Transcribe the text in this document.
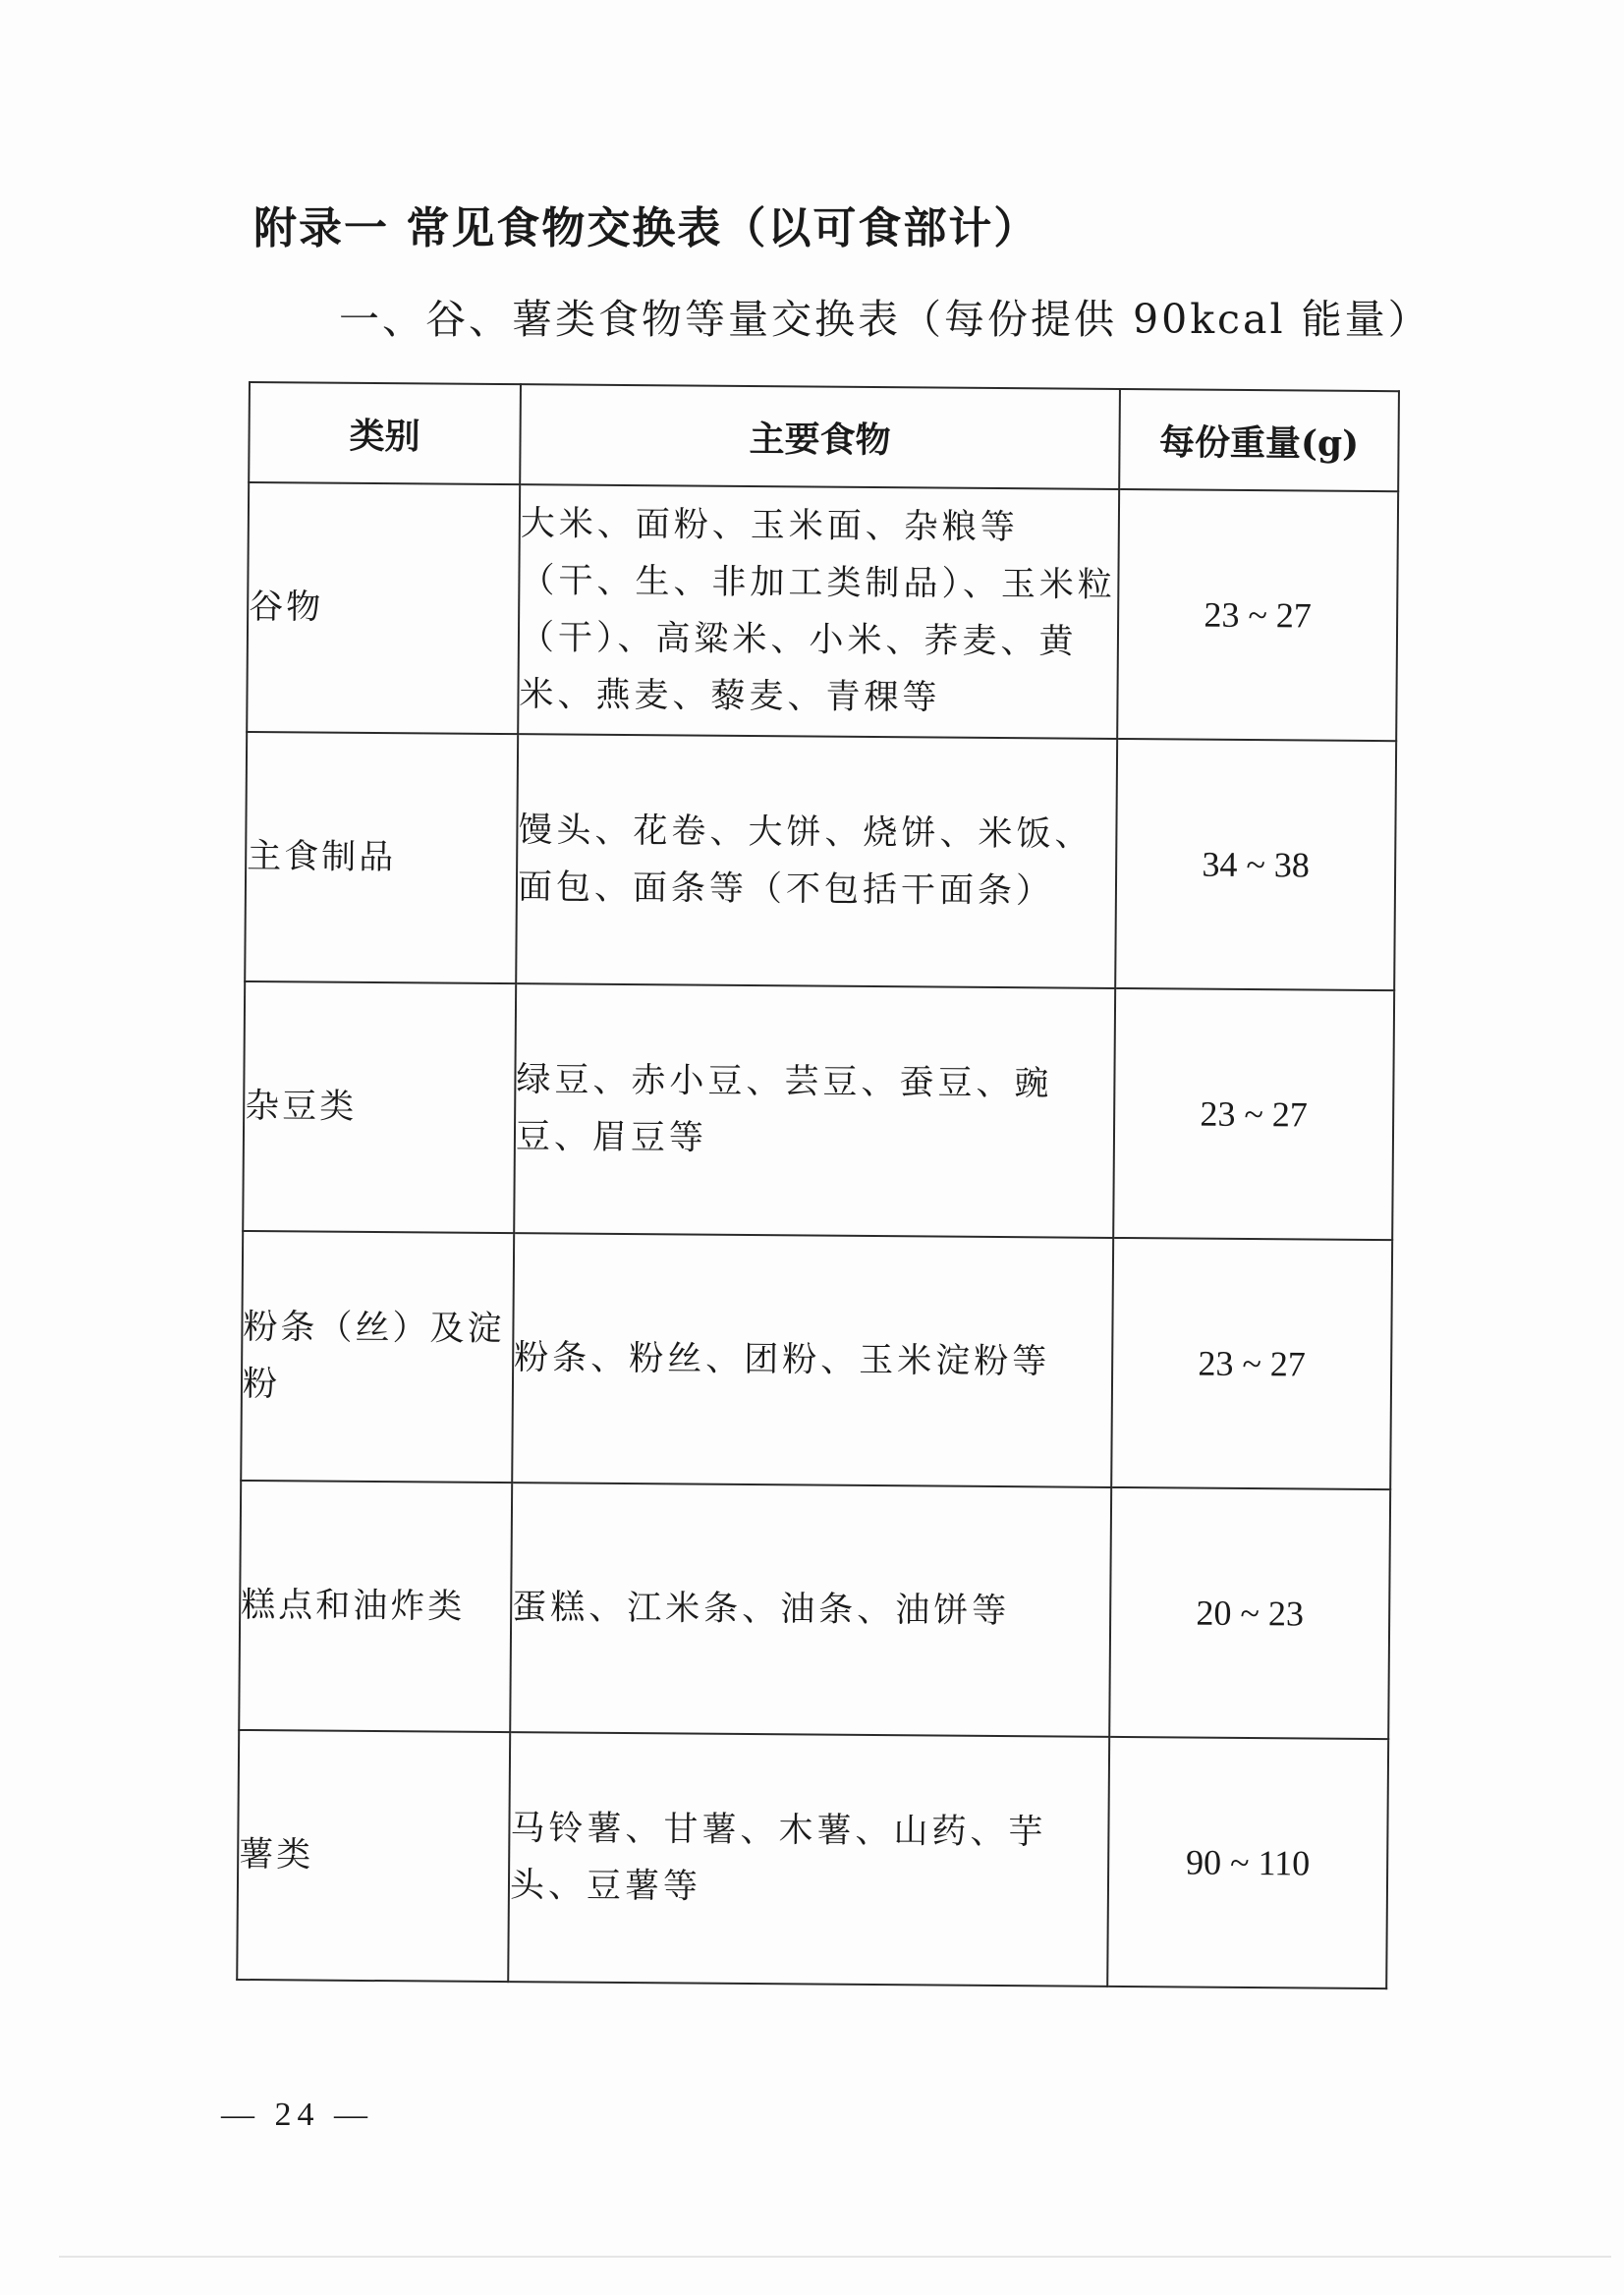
附录一 常见食物交换表（以可食部计）
一、谷、薯类食物等量交换表（每份提供 90kcal 能量）
类别	主要食物	每份重量(g)
谷物	大米、面粉、玉米面、杂粮等（干、生、非加工类制品）、玉米粒（干）、高粱米、小米、荞麦、黄米、燕麦、藜麦、青稞等	23 ~ 27
主食制品	馒头、花卷、大饼、烧饼、米饭、面包、面条等（不包括干面条）	34 ~ 38
杂豆类	绿豆、赤小豆、芸豆、蚕豆、豌豆、眉豆等	23 ~ 27
粉条（丝）及淀粉	粉条、粉丝、团粉、玉米淀粉等	23 ~ 27
糕点和油炸类	蛋糕、江米条、油条、油饼等	20 ~ 23
薯类	马铃薯、甘薯、木薯、山药、芋头、豆薯等	90 ~ 110
— 24 —
